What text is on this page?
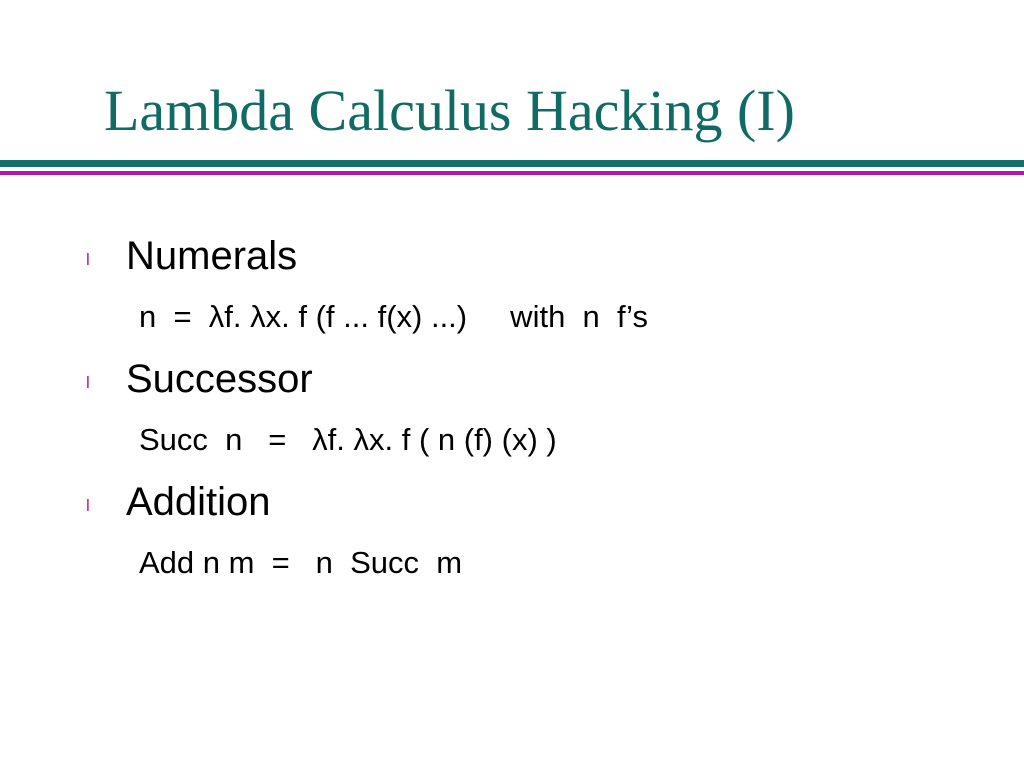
Lambda Calculus Hacking (I)
l Numerals
n  =  λf. λx. f (f ... f(x) ...)     with  n  f’s
l Successor
Succ  n   =   λf. λx. f ( n (f) (x) )
l Addition
Add n m  =   n  Succ  m
